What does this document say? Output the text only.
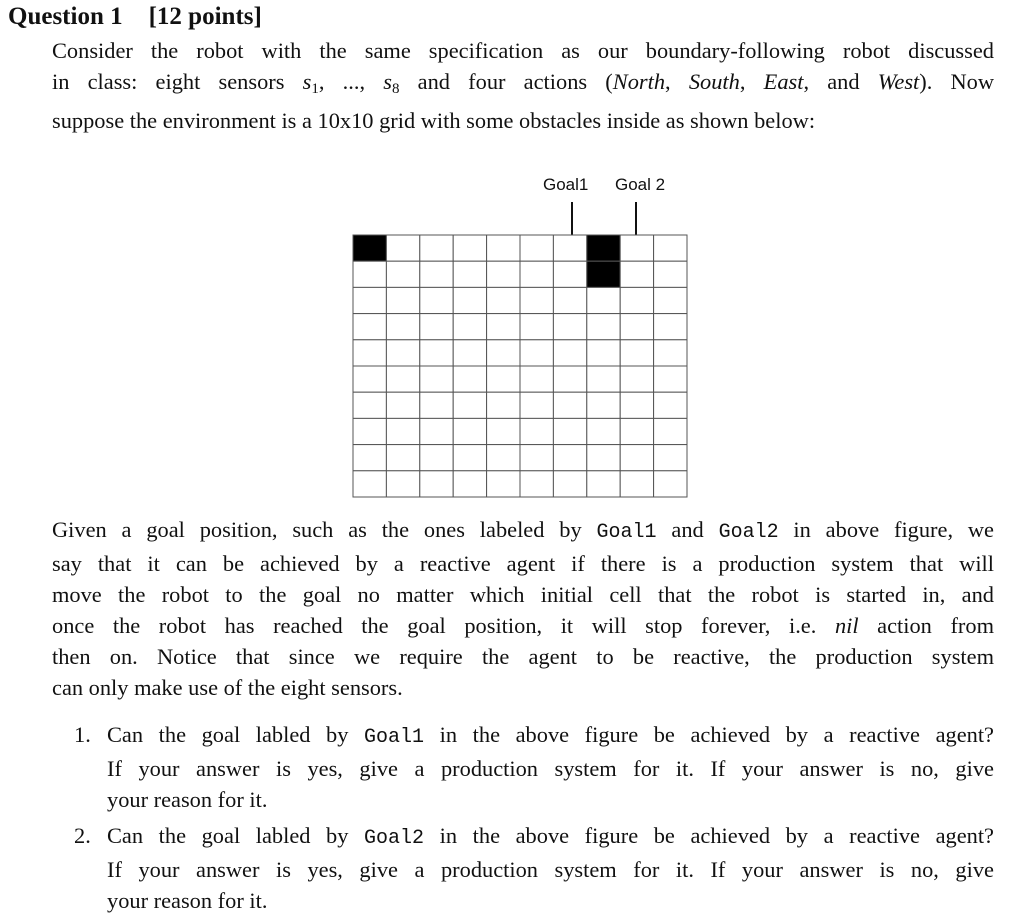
Question 1 [12 points]
Consider the robot with the same specification as our boundary-following robot discussed
in class: eight sensors $s_1$, ..., $s_8$ and four actions (North, South, East, and West). Now
suppose the environment is a 10x10 grid with some obstacles inside as shown below:
Goal1 Goal 2
Given a goal position, such as the ones labeled by Goal1 and Goal2 in above figure, we
say that it can be achieved by a reactive agent if there is a production system that will
move the robot to the goal no matter which initial cell that the robot is started in, and
once the robot has reached the goal position, it will stop forever, i.e. nil action from
then on. Notice that since we require the agent to be reactive, the production system
can only make use of the eight sensors.
1. Can the goal labled by Goal1 in the above figure be achieved by a reactive agent?
If your answer is yes, give a production system for it. If your answer is no, give
your reason for it.
2. Can the goal labled by Goal2 in the above figure be achieved by a reactive agent?
If your answer is yes, give a production system for it. If your answer is no, give
your reason for it.
